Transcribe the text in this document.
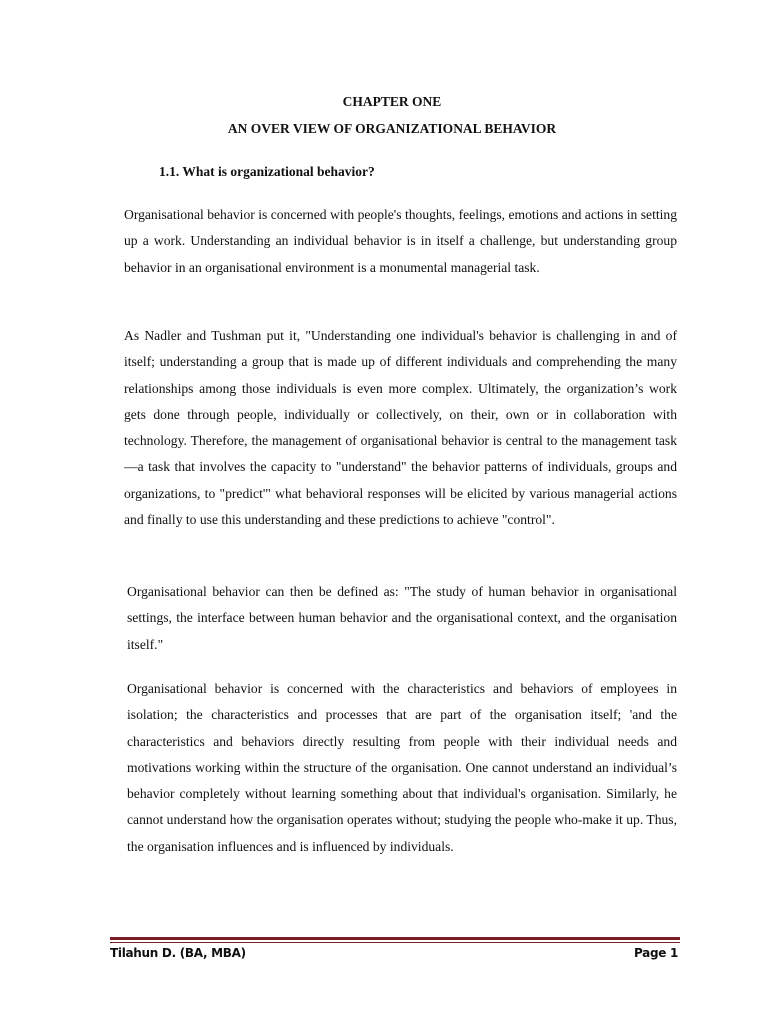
CHAPTER ONE
AN OVER VIEW OF ORGANIZATIONAL BEHAVIOR
1.1. What is organizational behavior?

Organisational behavior is concerned with people's thoughts, feelings, emotions and actions in setting up a work. Understanding an individual behavior is in itself a challenge, but understanding group behavior in an organisational environment is a monumental managerial task.

As Nadler and Tushman put it, "Understanding one individual's behavior is challenging in and of itself; understanding a group that is made up of different individuals and comprehending the many relationships among those individuals is even more complex. Ultimately, the organization’s work gets done through people, individually or collectively, on their, own or in collaboration with technology. Therefore, the management of organisational behavior is central to the management task—a task that involves the capacity to "understand" the behavior patterns of individuals, groups and organizations, to "predict'" what behavioral responses will be elicited by various managerial actions and finally to use this understanding and these predictions to achieve "control".

Organisational behavior can then be defined as: "The study of human behavior in organisational settings, the interface between human behavior and the organisational context, and the organisation itself."

Organisational behavior is concerned with the characteristics and behaviors of employees in isolation; the characteristics and processes that are part of the organisation itself; 'and the characteristics and behaviors directly resulting from people with their individual needs and motivations working within the structure of the organisation. One cannot understand an individual’s behavior completely without learning something about that individual's organisation. Similarly, he cannot understand how the organisation operates without; studying the people who-make it up. Thus, the organisation influences and is influenced by individuals.

Tilahun D. (BA, MBA)	Page 1
